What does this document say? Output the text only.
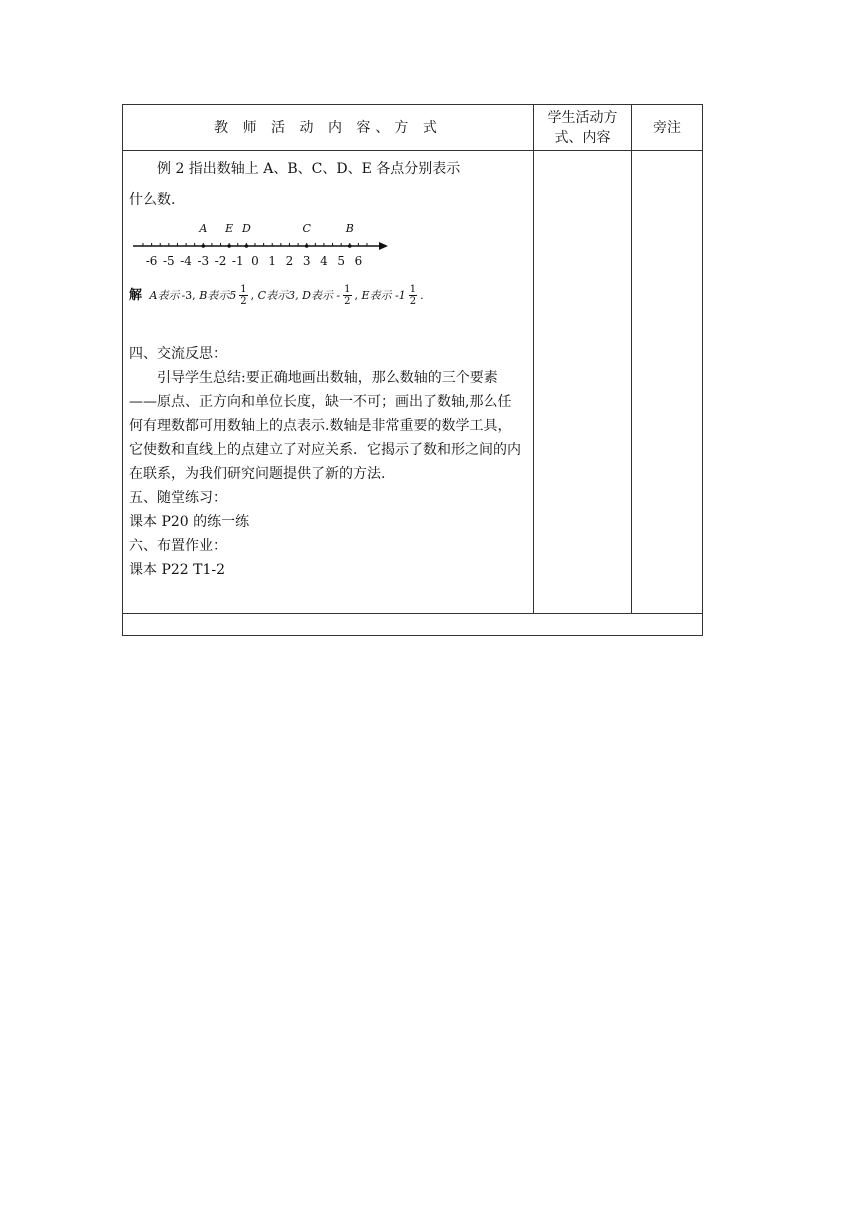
教 师 活 动 内 容、方 式
学生活动方式、内容
旁注

例 2 指出数轴上 A、B、C、D、E 各点分别表示

什么数.

-6 -5 -4 -3 -2 -1 0 1 2 3 4 5 6
A E D	C	B
解 A表示 -3,
B表示$5 \frac{1}{2}$ ,
C表示3,
D表示 - $\frac{1}{2}$ ,
E表示 $-1 \frac{1}{2}$ .

四、交流反思：

引导学生总结:要正确地画出数轴，那么数轴的三个要素——原点、正方向和单位长度，缺一不可；画出了数轴,那么任何有理数都可用数轴上的点表示.数轴是非常重要的数学工具，它使数和直线上的点建立了对应关系．它揭示了数和形之间的内在联系，为我们研究问题提供了新的方法.

五、随堂练习：

课本 P20 的练一练

六、布置作业：

课本 P22 T1-2
